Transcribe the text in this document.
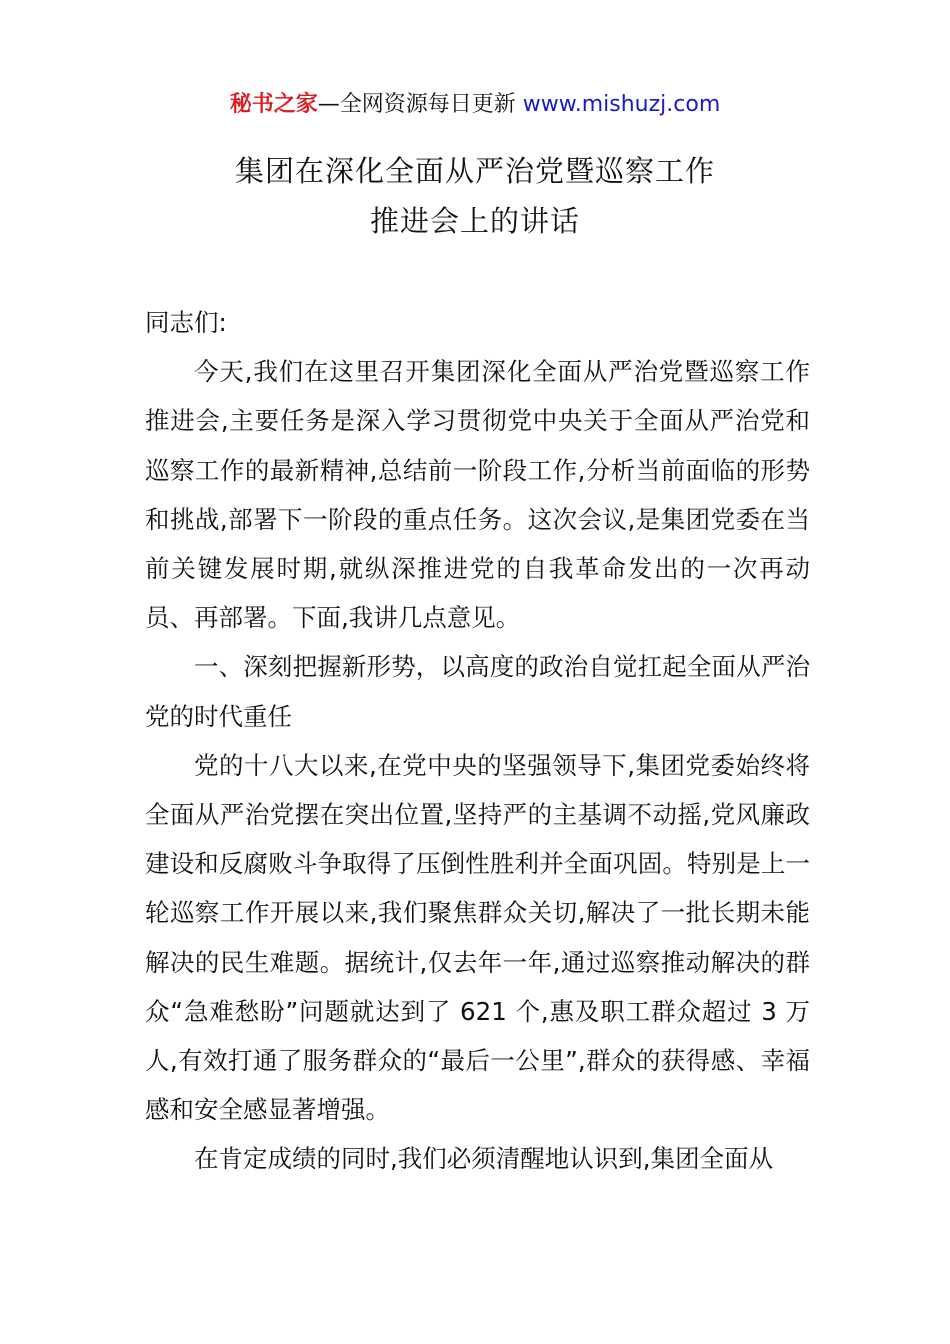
秘书之家—全网资源每日更新 www.mishuzj.com
集团在深化全面从严治党暨巡察工作
推进会上的讲话

同志们:

今天,我们在这里召开集团深化全面从严治党暨巡察工作推进会,主要任务是深入学习贯彻党中央关于全面从严治党和巡察工作的最新精神,总结前一阶段工作,分析当前面临的形势和挑战,部署下一阶段的重点任务。这次会议,是集团党委在当前关键发展时期,就纵深推进党的自我革命发出的一次再动员、再部署。下面,我讲几点意见。

一、深刻把握新形势，以高度的政治自觉扛起全面从严治党的时代重任

党的十八大以来,在党中央的坚强领导下,集团党委始终将全面从严治党摆在突出位置,坚持严的主基调不动摇,党风廉政建设和反腐败斗争取得了压倒性胜利并全面巩固。特别是上一轮巡察工作开展以来,我们聚焦群众关切,解决了一批长期未能解决的民生难题。据统计,仅去年一年,通过巡察推动解决的群众“急难愁盼”问题就达到了 621 个,惠及职工群众超过 3 万人,有效打通了服务群众的“最后一公里”,群众的获得感、幸福感和安全感显著增强。

在肯定成绩的同时,我们必须清醒地认识到,集团全面从
